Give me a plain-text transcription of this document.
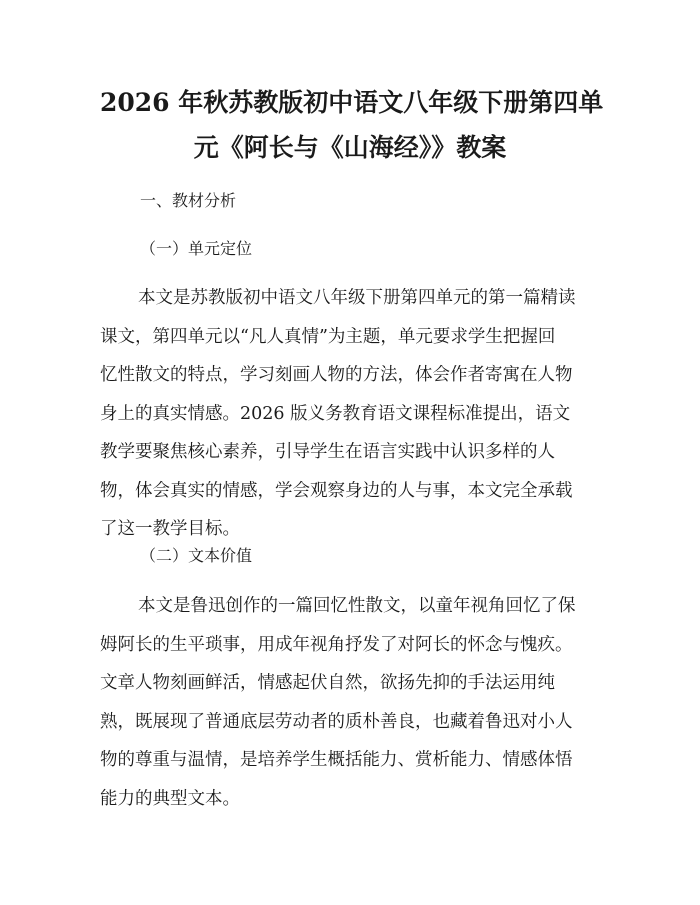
2026 年秋苏教版初中语文八年级下册第四单
元《阿长与《山海经》》教案

一、教材分析

（一）单元定位

本文是苏教版初中语文八年级下册第四单元的第一篇精读
课文，第四单元以“凡人真情”为主题，单元要求学生把握回
忆性散文的特点，学习刻画人物的方法，体会作者寄寓在人物
身上的真实情感。2026 版义务教育语文课程标准提出，语文
教学要聚焦核心素养，引导学生在语言实践中认识多样的人
物，体会真实的情感，学会观察身边的人与事，本文完全承载
了这一教学目标。

（二）文本价值

本文是鲁迅创作的一篇回忆性散文，以童年视角回忆了保
姆阿长的生平琐事，用成年视角抒发了对阿长的怀念与愧疚。
文章人物刻画鲜活，情感起伏自然，欲扬先抑的手法运用纯
熟，既展现了普通底层劳动者的质朴善良，也藏着鲁迅对小人
物的尊重与温情，是培养学生概括能力、赏析能力、情感体悟
能力的典型文本。
